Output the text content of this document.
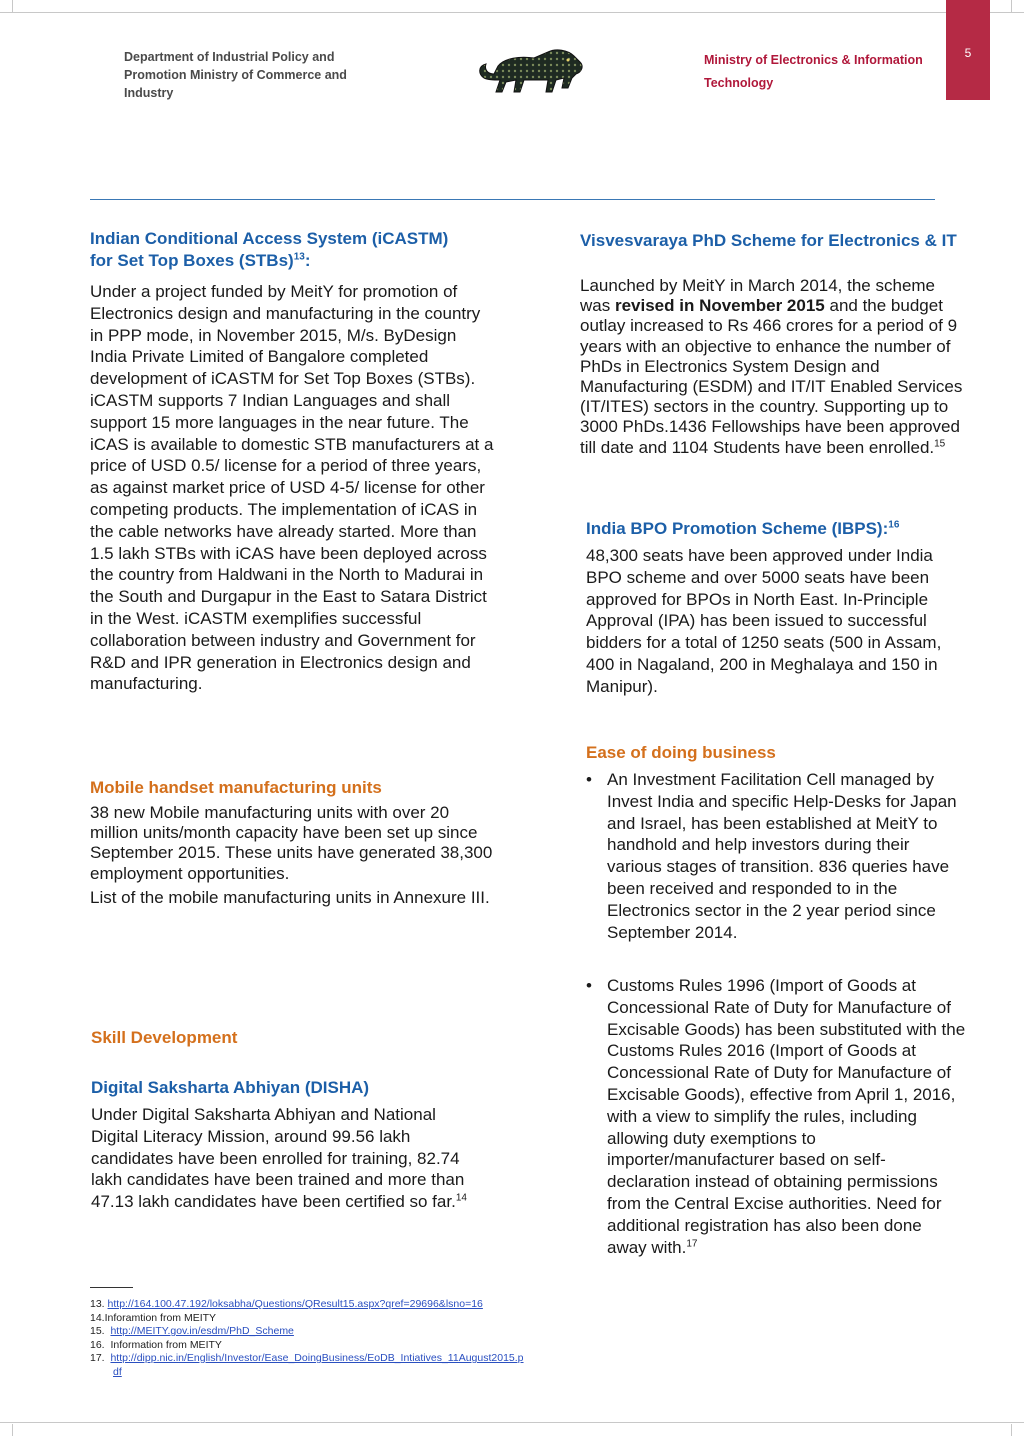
Department of Industrial Policy and Promotion Ministry of Commerce and Industry
Ministry of Electronics & Information Technology
5
Indian Conditional Access System (iCASTM)
for Set Top Boxes (STBs)$^{13}$:
Under a project funded by MeitY for promotion of Electronics design and manufacturing in the country in PPP mode, in November 2015, M/s. ByDesign India Private Limited of Bangalore completed development of iCASTM for Set Top Boxes (STBs). iCASTM supports 7 Indian Languages and shall support 15 more languages in the near future. The iCAS is available to domestic STB manufacturers at a price of USD 0.5/ license for a period of three years, as against market price of USD 4-5/ license for other competing products. The implementation of iCAS in the cable networks have already started. More than 1.5 lakh STBs with iCAS have been deployed across the country from Haldwani in the North to Madurai in the South and Durgapur in the East to Satara District in the West. iCASTM exemplifies successful collaboration between industry and Government for R&D and IPR generation in Electronics design and manufacturing.
Mobile handset manufacturing units
38 new Mobile manufacturing units with over 20 million units/month capacity have been set up since September 2015. These units have generated 38,300 employment opportunities.
List of the mobile manufacturing units in Annexure III.
Skill Development
Digital Saksharta Abhiyan (DISHA)
Under Digital Saksharta Abhiyan and National Digital Literacy Mission, around 99.56 lakh candidates have been enrolled for training, 82.74 lakh candidates have been trained and more than 47.13 lakh candidates have been certified so far.$^{14}$
Visvesvaraya PhD Scheme for Electronics & IT
Launched by MeitY in March 2014, the scheme was revised in November 2015 and the budget outlay increased to Rs 466 crores for a period of 9 years with an objective to enhance the number of PhDs in Electronics System Design and Manufacturing (ESDM) and IT/IT Enabled Services (IT/ITES) sectors in the country. Supporting up to 3000 PhDs.1436 Fellowships have been approved till date and 1104 Students have been enrolled.$^{15}$
India BPO Promotion Scheme (IBPS):$^{16}$
48,300 seats have been approved under India BPO scheme and over 5000 seats have been approved for BPOs in North East. In-Principle Approval (IPA) has been issued to successful bidders for a total of 1250 seats (500 in Assam, 400 in Nagaland, 200 in Meghalaya and 150 in Manipur).
Ease of doing business
• An Investment Facilitation Cell managed by Invest India and specific Help-Desks for Japan and Israel, has been established at MeitY to handhold and help investors during their various stages of transition. 836 queries have been received and responded to in the Electronics sector in the 2 year period since September 2014.
• Customs Rules 1996 (Import of Goods at Concessional Rate of Duty for Manufacture of Excisable Goods) has been substituted with the Customs Rules 2016 (Import of Goods at Concessional Rate of Duty for Manufacture of Excisable Goods), effective from April 1, 2016, with a view to simplify the rules, including allowing duty exemptions to importer/manufacturer based on self-declaration instead of obtaining permissions from the Central Excise authorities. Need for additional registration has also been done away with.$^{17}$
13. http://164.100.47.192/loksabha/Questions/QResult15.aspx?qref=29696&lsno=16
14.Inforamtion from MEITY
15. http://MEITY.gov.in/esdm/PhD_Scheme
16. Information from MEITY
17. http://dipp.nic.in/English/Investor/Ease_DoingBusiness/EoDB_Intiatives_11August2015.p
df
